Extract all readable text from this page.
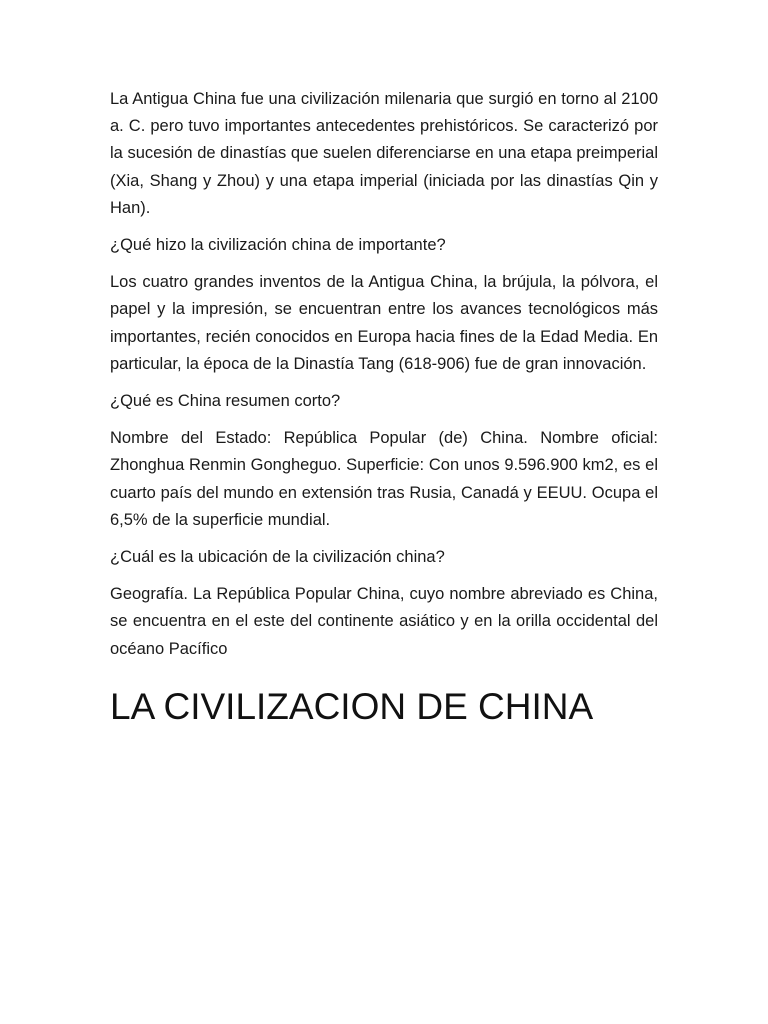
La Antigua China fue una civilización milenaria que surgió en torno al 2100 a. C. pero tuvo importantes antecedentes prehistóricos. Se caracterizó por la sucesión de dinastías que suelen diferenciarse en una etapa preimperial (Xia, Shang y Zhou) y una etapa imperial (iniciada por las dinastías Qin y Han).

¿Qué hizo la civilización china de importante?

Los cuatro grandes inventos de la Antigua China, la brújula, la pólvora, el papel y la impresión, se encuentran entre los avances tecnológicos más importantes, recién conocidos en Europa hacia fines de la Edad Media. En particular, la época de la Dinastía Tang (618-906) fue de gran innovación.

¿Qué es China resumen corto?

Nombre del Estado: República Popular (de) China. Nombre oficial: Zhonghua Renmin Gongheguo. Superficie: Con unos 9.596.900 km2, es el cuarto país del mundo en extensión tras Rusia, Canadá y EEUU. Ocupa el 6,5% de la superficie mundial.

¿Cuál es la ubicación de la civilización china?

Geografía. La República Popular China, cuyo nombre abreviado es China, se encuentra en el este del continente asiático y en la orilla occidental del océano Pacífico

LA CIVILIZACION DE CHINA
